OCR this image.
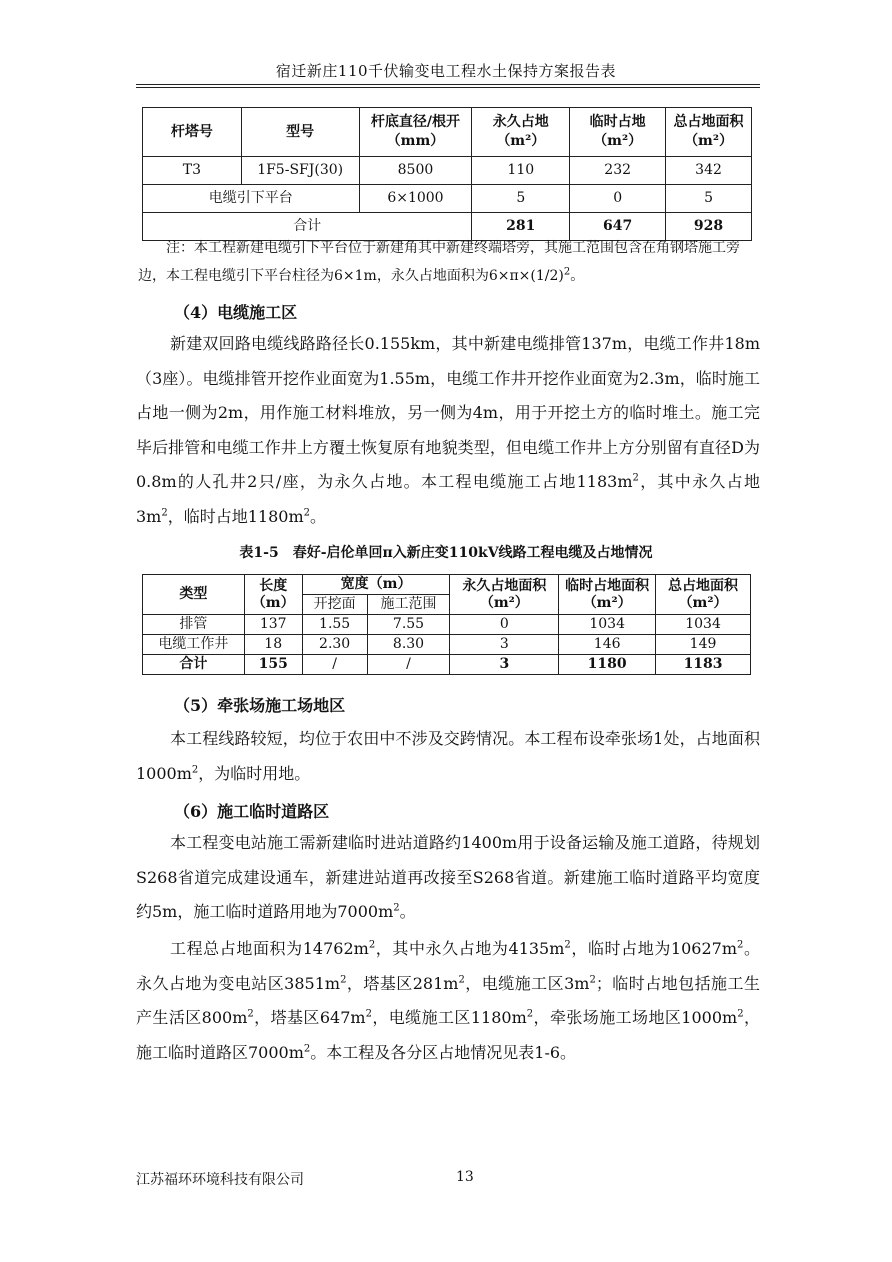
宿迁新庄110千伏输变电工程水土保持方案报告表
杆塔号	型号	杆底直径/根开（mm）	永久占地（m²）	临时占地（m²）	总占地面积（m²）
T3	1F5-SFJ(30)	8500	110	232	342
电缆引下平台		6×1000	5	0	5
合计			281	647	928
注：本工程新建电缆引下平台位于新建角其中新建终端塔旁，其施工范围包含在角钢塔施工旁边，本工程电缆引下平台柱径为6×1m，永久占地面积为$6\times\pi\times(1/2)^2$。
（4）电缆施工区
新建双回路电缆线路路径长0.155km，其中新建电缆排管137m，电缆工作井18m（3座）。电缆排管开挖作业面宽为1.55m，电缆工作井开挖作业面宽为2.3m，临时施工占地一侧为2m，用作施工材料堆放，另一侧为4m，用于开挖土方的临时堆土。施工完毕后排管和电缆工作井上方覆土恢复原有地貌类型，但电缆工作井上方分别留有直径D为0.8m的人孔井2只/座，为永久占地。本工程电缆施工占地$1183m^2$，其中永久占地$3m^2$，临时占地$1180m^2$。
表1-5　春好-启伦单回π入新庄变110kV线路工程电缆及占地情况
类型	长度（m）	宽度（m）		永久占地面积（m²）	临时占地面积（m²）	总占地面积（m²）
		开挖面	施工范围			
排管	137	1.55	7.55	0	1034	1034
电缆工作井	18	2.30	8.30	3	146	149
合计	155	/	/	3	1180	1183
（5）牵张场施工场地区
本工程线路较短，均位于农田中不涉及交跨情况。本工程布设牵张场1处，占地面积$1000m^2$，为临时用地。
（6）施工临时道路区
本工程变电站施工需新建临时进站道路约1400m用于设备运输及施工道路，待规划S268省道完成建设通车，新建进站道再改接至S268省道。新建施工临时道路平均宽度约5m，施工临时道路用地为$7000m^2$。
工程总占地面积为$14762m^2$，其中永久占地为$4135m^2$，临时占地为$10627m^2$。永久占地为变电站区$3851m^2$，塔基区$281m^2$，电缆施工区$3m^2$；临时占地包括施工生产生活区$800m^2$，塔基区$647m^2$，电缆施工区$1180m^2$，牵张场施工场地区$1000m^2$，施工临时道路区$7000m^2$。本工程及各分区占地情况见表1-6。
江苏福环环境科技有限公司	13
